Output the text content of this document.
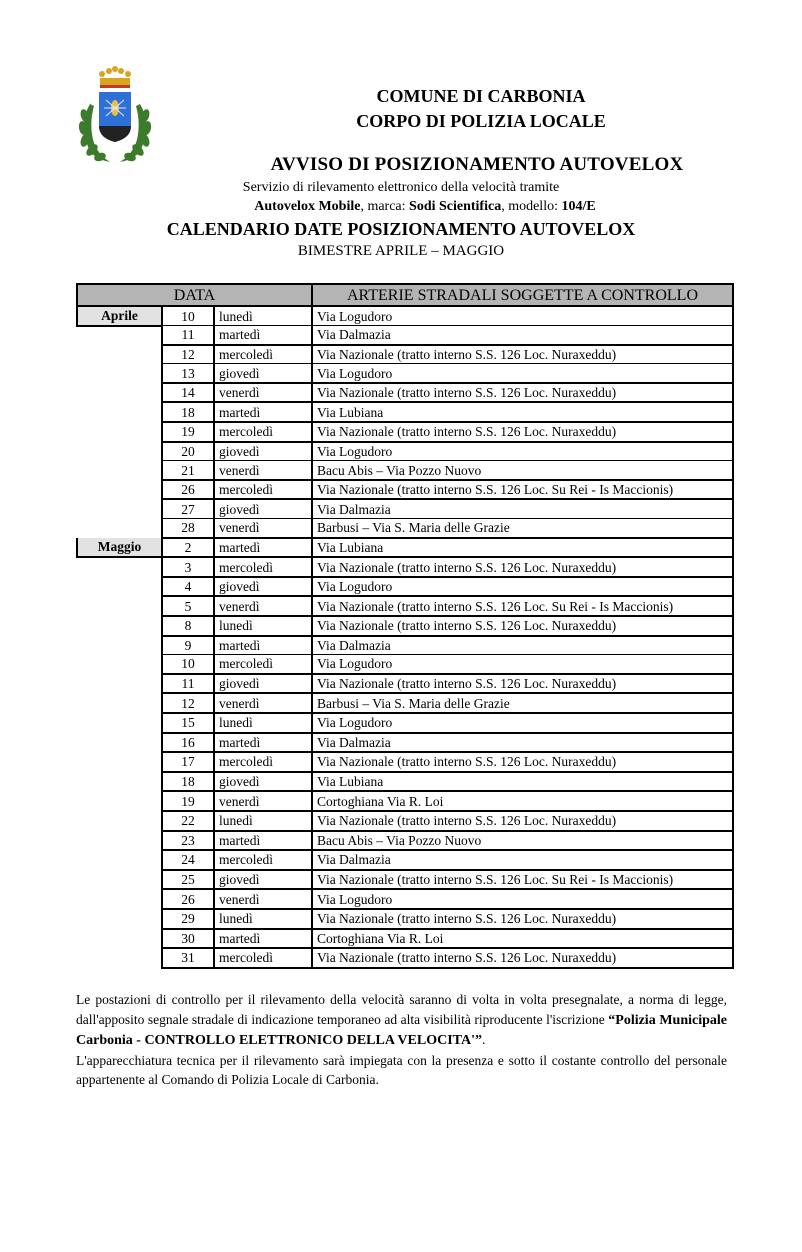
COMUNE DI CARBONIA
CORPO DI POLIZIA LOCALE
AVVISO DI POSIZIONAMENTO AUTOVELOX
Servizio di rilevamento elettronico della velocità tramite
Autovelox Mobile, marca: Sodi Scientifica, modello: 104/E
CALENDARIO DATE POSIZIONAMENTO AUTOVELOX
BIMESTRE APRILE – MAGGIO
DATA			ARTERIE STRADALI SOGGETTE A CONTROLLO
Aprile	10	lunedì	Via Logudoro
	11	martedì	Via Dalmazia
	12	mercoledì	Via Nazionale (tratto interno S.S. 126 Loc. Nuraxeddu)
	13	giovedì	Via Logudoro
	14	venerdì	Via Nazionale (tratto interno S.S. 126 Loc. Nuraxeddu)
	18	martedì	Via Lubiana
	19	mercoledì	Via Nazionale (tratto interno S.S. 126 Loc. Nuraxeddu)
	20	giovedì	Via Logudoro
	21	venerdì	Bacu Abis – Via Pozzo Nuovo
	26	mercoledì	Via Nazionale (tratto interno S.S. 126 Loc. Su Rei - Is Maccionis)
	27	giovedì	Via Dalmazia
	28	venerdì	Barbusi – Via S. Maria delle Grazie
Maggio	2	martedì	Via Lubiana
	3	mercoledì	Via Nazionale (tratto interno S.S. 126 Loc. Nuraxeddu)
	4	giovedì	Via Logudoro
	5	venerdì	Via Nazionale (tratto interno S.S. 126 Loc. Su Rei - Is Maccionis)
	8	lunedì	Via Nazionale (tratto interno S.S. 126 Loc. Nuraxeddu)
	9	martedì	Via Dalmazia
	10	mercoledì	Via Logudoro
	11	giovedì	Via Nazionale (tratto interno S.S. 126 Loc. Nuraxeddu)
	12	venerdì	Barbusi – Via S. Maria delle Grazie
	15	lunedì	Via Logudoro
	16	martedì	Via Dalmazia
	17	mercoledì	Via Nazionale (tratto interno S.S. 126 Loc. Nuraxeddu)
	18	giovedì	Via Lubiana
	19	venerdì	Cortoghiana Via R. Loi
	22	lunedì	Via Nazionale (tratto interno S.S. 126 Loc. Nuraxeddu)
	23	martedì	Bacu Abis – Via Pozzo Nuovo
	24	mercoledì	Via Dalmazia
	25	giovedì	Via Nazionale (tratto interno S.S. 126 Loc. Su Rei - Is Maccionis)
	26	venerdì	Via Logudoro
	29	lunedì	Via Nazionale (tratto interno S.S. 126 Loc. Nuraxeddu)
	30	martedì	Cortoghiana Via R. Loi
	31	mercoledì	Via Nazionale (tratto interno S.S. 126 Loc. Nuraxeddu)

Le postazioni di controllo per il rilevamento della velocità saranno di volta in volta presegnalate, a norma di legge, dall'apposito segnale stradale di indicazione temporaneo ad alta visibilità riproducente l'iscrizione “Polizia Municipale Carbonia - CONTROLLO ELETTRONICO DELLA VELOCITA'”.

L'apparecchiatura tecnica per il rilevamento sarà impiegata con la presenza e sotto il costante controllo del personale appartenente al Comando di Polizia Locale di Carbonia.
